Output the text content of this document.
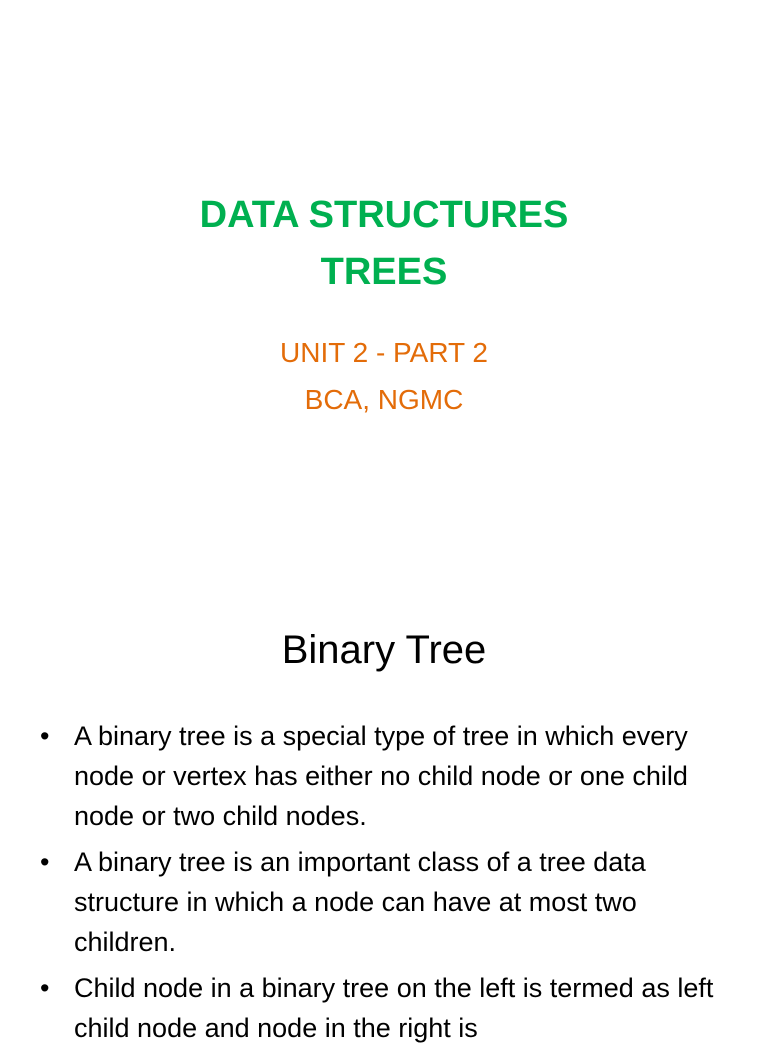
DATA STRUCTURES
TREES
UNIT 2 - PART 2
BCA, NGMC
Binary Tree
• A binary tree is a special type of tree in which every node or vertex has either no child node or one child node or two child nodes.
• A binary tree is an important class of a tree data structure in which a node can have at most two children.
• Child node in a binary tree on the left is termed as left child node and node in the right is
